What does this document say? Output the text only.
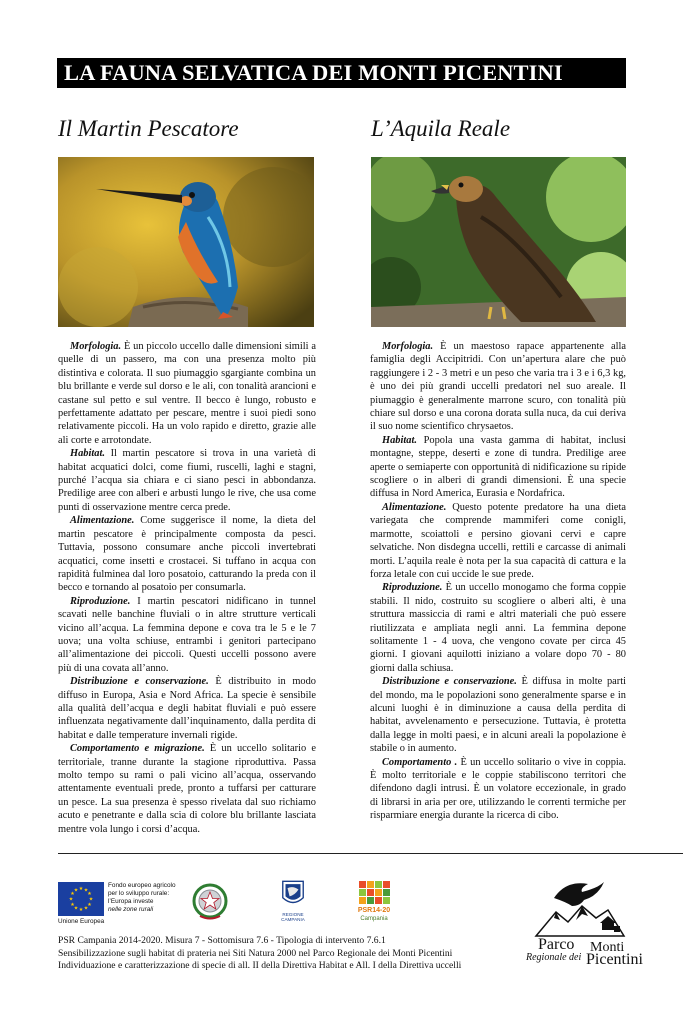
LA FAUNA SELVATICA DEI MONTI PICENTINI
Il Martin Pescatore	L’Aquila Reale

Morfologia. È un piccolo uccello dalle dimensioni simili a quelle di un passero, ma con una presenza molto più distintiva e colorata. Il suo piumaggio sgargiante combina un blu brillante e verde sul dorso e le ali, con tonalità arancioni e castane sul petto e sul ventre. Il becco è lungo, robusto e perfettamente adattato per pescare, mentre i suoi piedi sono relativamente piccoli. Ha un volo rapido e diretto, grazie alle ali corte e arrotondate.

Habitat. Il martin pescatore si trova in una varietà di habitat acquatici dolci, come fiumi, ruscelli, laghi e stagni, purché l’acqua sia chiara e ci siano pesci in abbondanza. Predilige aree con alberi e arbusti lungo le rive, che usa come punti di osservazione mentre cerca prede.

Alimentazione. Come suggerisce il nome, la dieta del martin pescatore è principalmente composta da pesci. Tuttavia, possono consumare anche piccoli invertebrati acquatici, come insetti e crostacei. Si tuffano in acqua con rapidità fulminea dal loro posatoio, catturando la preda con il becco e tornando al posatoio per consumarla.

Riproduzione. I martin pescatori nidificano in tunnel scavati nelle banchine fluviali o in altre strutture verticali vicino all’acqua. La femmina depone e cova tra le 5 e le 7 uova; una volta schiuse, entrambi i genitori partecipano all’alimentazione dei piccoli. Questi uccelli possono avere più di una covata all’anno.

Distribuzione e conservazione. È distribuito in modo diffuso in Europa, Asia e Nord Africa. La specie è sensibile alla qualità dell’acqua e degli habitat fluviali e può essere influenzata negativamente dall’inquinamento, dalla perdita di habitat e dalle temperature invernali rigide.

Comportamento e migrazione. È un uccello solitario e territoriale, tranne durante la stagione riproduttiva. Passa molto tempo su rami o pali vicino all’acqua, osservando attentamente eventuali prede, pronto a tuffarsi per catturare un pesce. La sua presenza è spesso rivelata dal suo richiamo acuto e penetrante e dalla scia di colore blu brillante lasciata mentre vola lungo i corsi d’acqua.

Morfologia. È un maestoso rapace appartenente alla famiglia degli Accipitridi. Con un’apertura alare che può raggiungere i 2 - 3 metri e un peso che varia tra i 3 e i 6,3 kg, è uno dei più grandi uccelli predatori nel suo areale. Il piumaggio è generalmente marrone scuro, con tonalità più chiare sul dorso e una corona dorata sulla nuca, da cui deriva il suo nome scientifico chrysaetos.

Habitat. Popola una vasta gamma di habitat, inclusi montagne, steppe, deserti e zone di tundra. Predilige aree aperte o semiaperte con opportunità di nidificazione su ripide scogliere o in alberi di grandi dimensioni. È una specie diffusa in Nord America, Eurasia e Nordafrica.

Alimentazione. Questo potente predatore ha una dieta variegata che comprende mammiferi come conigli, marmotte, scoiattoli e persino giovani cervi e capre selvatiche. Non disdegna uccelli, rettili e carcasse di animali morti. L’aquila reale è nota per la sua capacità di cattura e la forza letale con cui uccide le sue prede.

Riproduzione. È un uccello monogamo che forma coppie stabili. Il nido, costruito su scogliere o alberi alti, è una struttura massiccia di rami e altri materiali che può essere riutilizzata e ampliata negli anni. La femmina depone solitamente 1 - 4 uova, che vengono covate per circa 45 giorni. I giovani aquilotti iniziano a volare dopo 70 - 80 giorni dalla schiusa.

Distribuzione e conservazione. È diffusa in molte parti del mondo, ma le popolazioni sono generalmente sparse e in alcuni luoghi è in diminuzione a causa della perdita di habitat, avvelenamento e persecuzione. Tuttavia, è protetta dalla legge in molti paesi, e in alcuni areali la popolazione è stabile o in aumento.

Comportamento . È un uccello solitario o vive in coppia. È molto territoriale e le coppie stabiliscono territori che difendono dagli intrusi. È un volatore eccezionale, in grado di librarsi in aria per ore, utilizzando le correnti termiche per risparmiare energia durante la ricerca di cibo.

★ ★
★
★
★
★
★
★
★
★
★
★
Fondo europeo agricolo
per lo sviluppo rurale:
l’Europa investe
nelle zone rurali
Unione Europea
REGIONE CAMPANIA
PSR14-20
Campania
PSR Campania 2014-2020. Misura 7 - Sottomisura 7.6 - Tipologia di intervento 7.6.1
Sensibilizzazione sugli habitat di prateria nei Siti Natura 2000 nel Parco Regionale dei Monti Picentini
Individuazione e caratterizzazione di specie di all. II della Direttiva Habitat e All. I della Direttiva uccelli
Parco Monti
Regionale dei Picentini
